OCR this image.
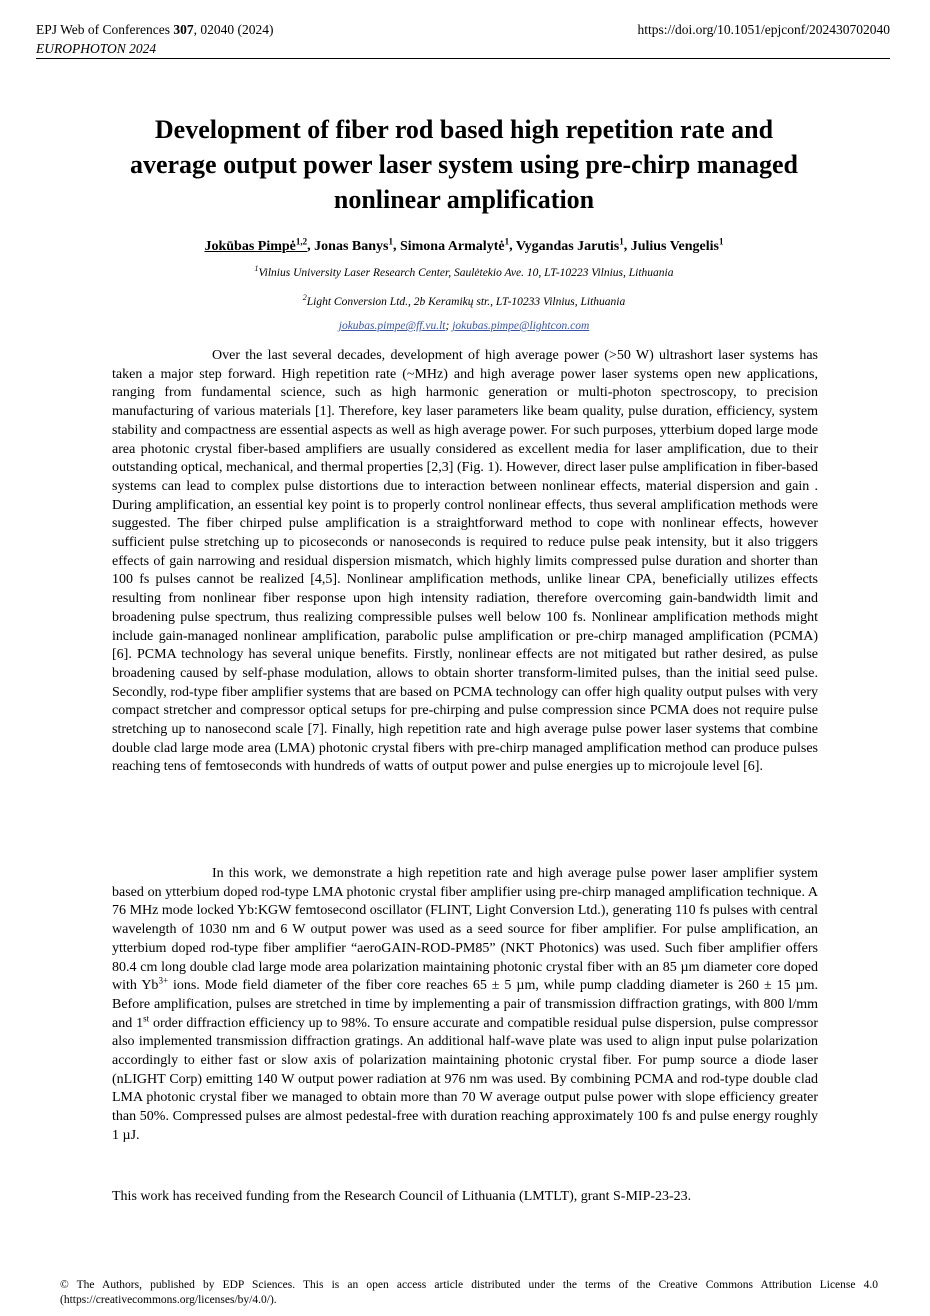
EPJ Web of Conferences 307, 02040 (2024)
EUROPHOTON 2024
https://doi.org/10.1051/epjconf/202430702040
Development of fiber rod based high repetition rate and average output power laser system using pre-chirp managed nonlinear amplification
Jokūbas Pimpė$^{1,2}$, Jonas Banys$^1$, Simona Armalytė$^1$, Vygandas Jarutis$^1$, Julius Vengelis$^1$
$^1$Vilnius University Laser Research Center, Saulėtekio Ave. 10, LT-10223 Vilnius, Lithuania
$^2$Light Conversion Ltd., 2b Keramikų str., LT-10233 Vilnius, Lithuania
jokubas.pimpe@ff.vu.lt; jokubas.pimpe@lightcon.com

Over the last several decades, development of high average power (>50 W) ultrashort laser systems has taken a major step forward. High repetition rate (~MHz) and high average power laser systems open new applications, ranging from fundamental science, such as high harmonic generation or multi-photon spectroscopy, to precision manufacturing of various materials [1]. Therefore, key laser parameters like beam quality, pulse duration, efficiency, system stability and compactness are essential aspects as well as high average power. For such purposes, ytterbium doped large mode area photonic crystal fiber-based amplifiers are usually considered as excellent media for laser amplification, due to their outstanding optical, mechanical, and thermal properties [2,3] (Fig. 1). However, direct laser pulse amplification in fiber-based systems can lead to complex pulse distortions due to interaction between nonlinear effects, material dispersion and gain . During amplification, an essential key point is to properly control nonlinear effects, thus several amplification methods were suggested. The fiber chirped pulse amplification is a straightforward method to cope with nonlinear effects, however sufficient pulse stretching up to picoseconds or nanoseconds is required to reduce pulse peak intensity, but it also triggers effects of gain narrowing and residual dispersion mismatch, which highly limits compressed pulse duration and shorter than 100 fs pulses cannot be realized [4,5]. Nonlinear amplification methods, unlike linear CPA, beneficially utilizes effects resulting from nonlinear fiber response upon high intensity radiation, therefore overcoming gain-bandwidth limit and broadening pulse spectrum, thus realizing compressible pulses well below 100 fs. Nonlinear amplification methods might include gain-managed nonlinear amplification, parabolic pulse amplification or pre-chirp managed amplification (PCMA) [6]. PCMA technology has several unique benefits. Firstly, nonlinear effects are not mitigated but rather desired, as pulse broadening caused by self-phase modulation, allows to obtain shorter transform-limited pulses, than the initial seed pulse. Secondly, rod-type fiber amplifier systems that are based on PCMA technology can offer high quality output pulses with very compact stretcher and compressor optical setups for pre-chirping and pulse compression since PCMA does not require pulse stretching up to nanosecond scale [7]. Finally, high repetition rate and high average pulse power laser systems that combine double clad large mode area (LMA) photonic crystal fibers with pre-chirp managed amplification method can produce pulses reaching tens of femtoseconds with hundreds of watts of output power and pulse energies up to microjoule level [6].

In this work, we demonstrate a high repetition rate and high average pulse power laser amplifier system based on ytterbium doped rod-type LMA photonic crystal fiber amplifier using pre-chirp managed amplification technique. A 76 MHz mode locked Yb:KGW femtosecond oscillator (FLINT, Light Conversion Ltd.), generating 110 fs pulses with central wavelength of 1030 nm and 6 W output power was used as a seed source for fiber amplifier. For pulse amplification, an ytterbium doped rod-type fiber amplifier “aeroGAIN-ROD-PM85” (NKT Photonics) was used. Such fiber amplifier offers 80.4 cm long double clad large mode area polarization maintaining photonic crystal fiber with an 85 µm diameter core doped with $Yb^{3+}$ ions. Mode field diameter of the fiber core reaches 65 ± 5 µm, while pump cladding diameter is 260 ± 15 µm. Before amplification, pulses are stretched in time by implementing a pair of transmission diffraction gratings, with 800 l/mm and 1st order diffraction efficiency up to 98%. To ensure accurate and compatible residual pulse dispersion, pulse compressor also implemented transmission diffraction gratings. An additional half-wave plate was used to align input pulse polarization accordingly to either fast or slow axis of polarization maintaining photonic crystal fiber. For pump source a diode laser (nLIGHT Corp) emitting 140 W output power radiation at 976 nm was used. By combining PCMA and rod-type double clad LMA photonic crystal fiber we managed to obtain more than 70 W average output pulse power with slope efficiency greater than 50%. Compressed pulses are almost pedestal-free with duration reaching approximately 100 fs and pulse energy roughly 1 µJ.

This work has received funding from the Research Council of Lithuania (LMTLT), grant S-MIP-23-23.
© The Authors, published by EDP Sciences. This is an open access article distributed under the terms of the Creative Commons Attribution License 4.0 (https://creativecommons.org/licenses/by/4.0/).
